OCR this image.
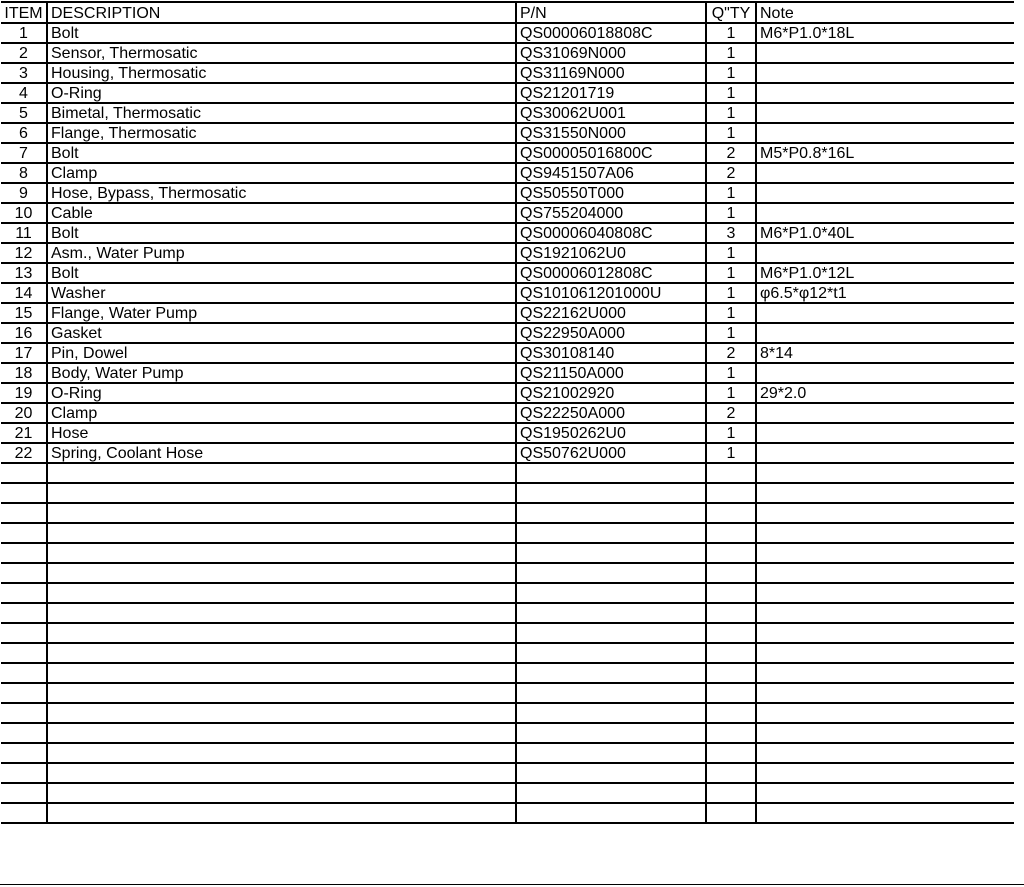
ITEM	DESCRIPTION	P/N	Q"TY	Note
1	Bolt	QS00006018808C	1	M6*P1.0*18L
2	Sensor, Thermosatic	QS31069N000	1	
3	Housing, Thermosatic	QS31169N000	1	
4	O-Ring	QS21201719	1	
5	Bimetal, Thermosatic	QS30062U001	1	
6	Flange, Thermosatic	QS31550N000	1	
7	Bolt	QS00005016800C	2	M5*P0.8*16L
8	Clamp	QS9451507A06	2	
9	Hose, Bypass, Thermosatic	QS50550T000	1	
10	Cable	QS755204000	1	
11	Bolt	QS00006040808C	3	M6*P1.0*40L
12	Asm., Water Pump	QS1921062U0	1	
13	Bolt	QS00006012808C	1	M6*P1.0*12L
14	Washer	QS101061201000U	1	φ6.5*φ12*t1
15	Flange, Water Pump	QS22162U000	1	
16	Gasket	QS22950A000	1	
17	Pin, Dowel	QS30108140	2	8*14
18	Body, Water Pump	QS21150A000	1	
19	O-Ring	QS21002920	1	29*2.0
20	Clamp	QS22250A000	2	
21	Hose	QS1950262U0	1	
22	Spring, Coolant Hose	QS50762U000	1	
